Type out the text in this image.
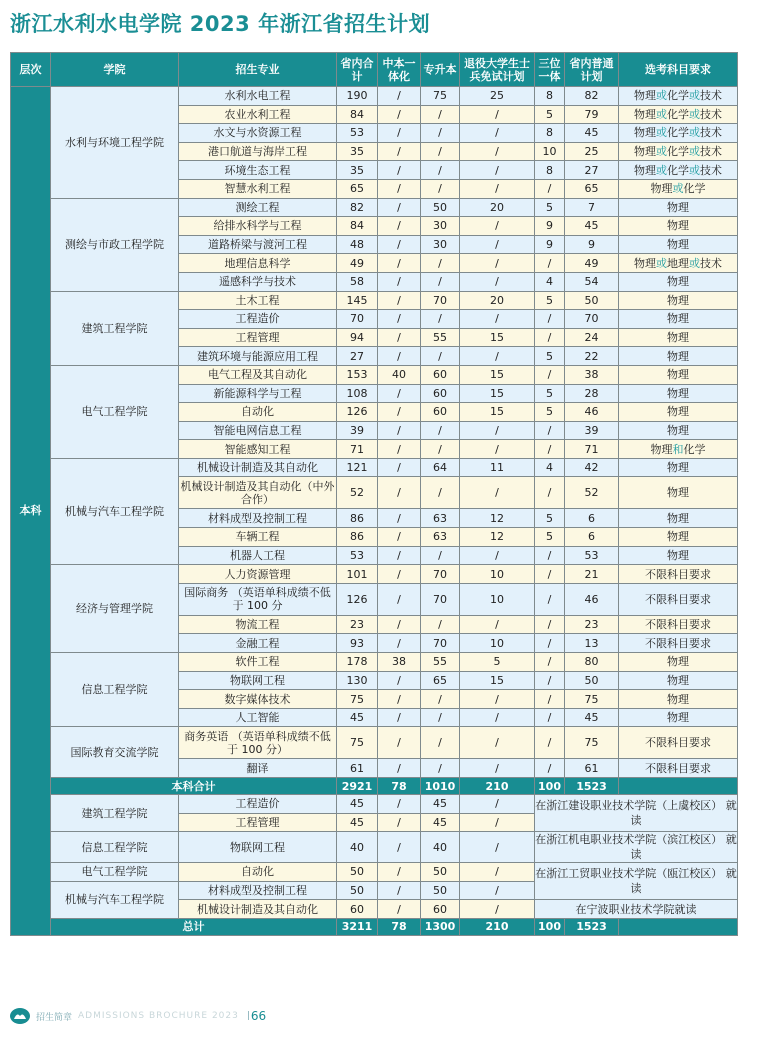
浙江水利水电学院 2023 年浙江省招生计划
层次	学院	招生专业	省内合计	中本一体化	专升本	退役大学生士兵免试计划	三位一体	省内普通计划	选考科目要求
本科	水利与环境工程学院	水利水电工程	190	/	75	25	8	82	物理或化学或技术
		农业水利工程	84	/	/	/	5	79	物理或化学或技术
		水文与水资源工程	53	/	/	/	8	45	物理或化学或技术
		港口航道与海岸工程	35	/	/	/	10	25	物理或化学或技术
		环境生态工程	35	/	/	/	8	27	物理或化学或技术
		智慧水利工程	65	/	/	/	/	65	物理或化学
	测绘与市政工程学院	测绘工程	82	/	50	20	5	7	物理
		给排水科学与工程	84	/	30	/	9	45	物理
		道路桥梁与渡河工程	48	/	30	/	9	9	物理
		地理信息科学	49	/	/	/	/	49	物理或地理或技术
		遥感科学与技术	58	/	/	/	4	54	物理
	建筑工程学院	土木工程	145	/	70	20	5	50	物理
		工程造价	70	/	/	/	/	70	物理
		工程管理	94	/	55	15	/	24	物理
		建筑环境与能源应用工程	27	/	/	/	5	22	物理
	电气工程学院	电气工程及其自动化	153	40	60	15	/	38	物理
		新能源科学与工程	108	/	60	15	5	28	物理
		自动化	126	/	60	15	5	46	物理
		智能电网信息工程	39	/	/	/	/	39	物理
		智能感知工程	71	/	/	/	/	71	物理和化学
	机械与汽车工程学院	机械设计制造及其自动化	121	/	64	11	4	42	物理
		机械设计制造及其自动化（中外合作）	52	/	/	/	/	52	物理
		材料成型及控制工程	86	/	63	12	5	6	物理
		车辆工程	86	/	63	12	5	6	物理
		机器人工程	53	/	/	/	/	53	物理
	经济与管理学院	人力资源管理	101	/	70	10	/	21	不限科目要求
		国际商务 （英语单科成绩不低于 100 分	126	/	70	10	/	46	不限科目要求
		物流工程	23	/	/	/	/	23	不限科目要求
		金融工程	93	/	70	10	/	13	不限科目要求
	信息工程学院	软件工程	178	38	55	5	/	80	物理
		物联网工程	130	/	65	15	/	50	物理
		数字媒体技术	75	/	/	/	/	75	物理
		人工智能	45	/	/	/	/	45	物理
	国际教育交流学院	商务英语 （英语单科成绩不低于 100 分）	75	/	/	/	/	75	不限科目要求
		翻译	61	/	/	/	/	61	不限科目要求
	本科合计		2921	78	1010	210	100	1523	
	建筑工程学院	工程造价	45	/	45	/	在浙江建设职业技术学院（上虞校区） 就读		
		工程管理	45	/	45	/			
	信息工程学院	物联网工程	40	/	40	/	在浙江机电职业技术学院（滨江校区） 就读		
	电气工程学院	自动化	50	/	50	/	在浙江工贸职业技术学院（瓯江校区） 就读		
	机械与汽车工程学院	材料成型及控制工程	50	/	50	/			
		机械设计制造及其自动化	60	/	60	/	在宁波职业技术学院就读		
	总计		3211	78	1300	210	100	1523	
招生简章 ADMISSIONS BROCHURE 2023 | 66
